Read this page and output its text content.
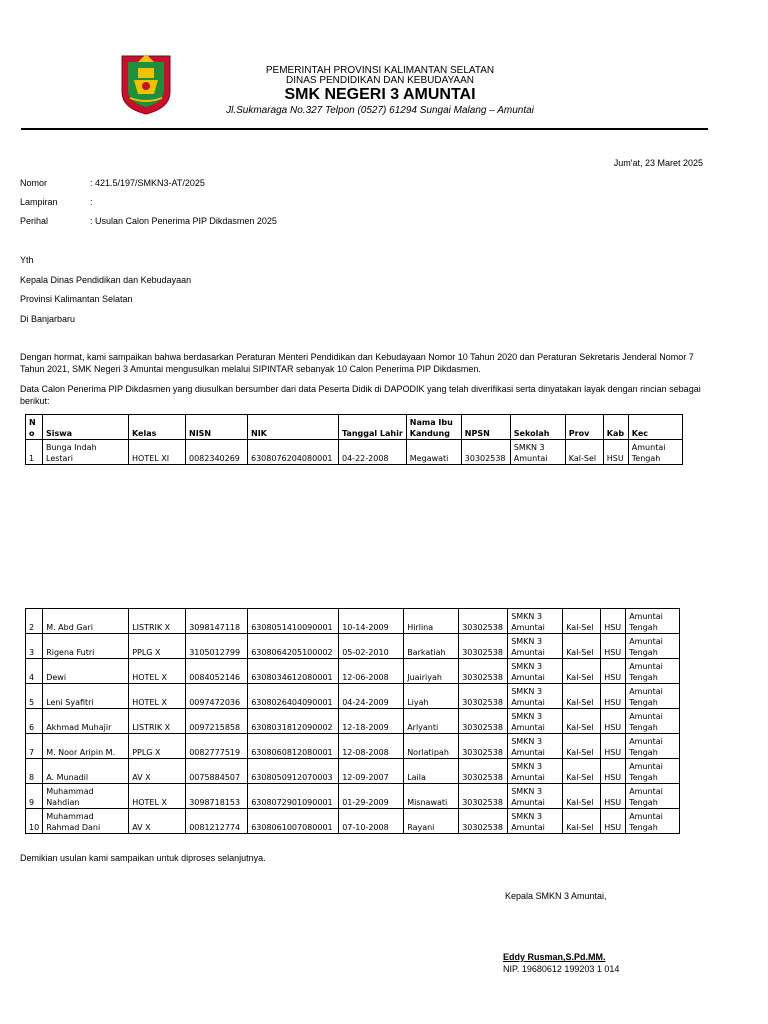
PEMERINTAH PROVINSI KALIMANTAN SELATAN
DINAS PENDIDIKAN DAN KEBUDAYAAN
SMK NEGERI 3 AMUNTAI
Jl.Sukmaraga No.327 Telpon (0527) 61294 Sungai Malang – Amuntai
Jum'at, 23 Maret 2025
Nomor	: 421.5/197/SMKN3-AT/2025
Lampiran	:
Perihal	: Usulan Calon Penerima PIP Dikdasmen 2025
Yth
Kepala Dinas Pendidikan dan Kebudayaan
Provinsi Kalimantan Selatan
Di Banjarbaru
Dengan hormat, kami sampaikan bahwa berdasarkan Peraturan Menteri Pendidikan dan Kebudayaan Nomor 10 Tahun 2020 dan Peraturan Sekretaris Jenderal Nomor 7 Tahun 2021, SMK Negeri 3 Amuntai mengusulkan melalui SIPINTAR sebanyak 10 Calon Penerima PIP Dikdasmen.
Data Calon Penerima PIP Dikdasmen yang diusulkan bersumber dari data Peserta Didik di DAPODIK yang telah diverifikasi serta dinyatakan layak dengan rincian sebagai berikut:
N o	Siswa	Kelas	NISN	NIK	Tanggal Lahir	Nama Ibu Kandung	NPSN	Sekolah	Prov	Kab	Kec
1	Bunga Indah Lestari	HOTEL XI	0082340269	6308076204080001	04-22-2008	Megawati	30302538	SMKN 3 Amuntai	Kal-Sel	HSU	Amuntai Tengah
2	M. Abd Gari	LISTRIK X	3098147118	6308051410090001	10-14-2009	Hirlina	30302538	SMKN 3 Amuntai	Kal-Sel	HSU	Amuntai Tengah
3	Rigena Futri	PPLG X	3105012799	6308064205100002	05-02-2010	Barkatiah	30302538	SMKN 3 Amuntai	Kal-Sel	HSU	Amuntai Tengah
4	Dewi	HOTEL X	0084052146	6308034612080001	12-06-2008	Juairiyah	30302538	SMKN 3 Amuntai	Kal-Sel	HSU	Amuntai Tengah
5	Leni Syafitri	HOTEL X	0097472036	6308026404090001	04-24-2009	Liyah	30302538	SMKN 3 Amuntai	Kal-Sel	HSU	Amuntai Tengah
6	Akhmad Muhajir	LISTRIK X	0097215858	6308031812090002	12-18-2009	Arlyanti	30302538	SMKN 3 Amuntai	Kal-Sel	HSU	Amuntai Tengah
7	M. Noor Aripin M.	PPLG X	0082777519	6308060812080001	12-08-2008	Norlatipah	30302538	SMKN 3 Amuntai	Kal-Sel	HSU	Amuntai Tengah
8	A. Munadil	AV X	0075884507	6308050912070003	12-09-2007	Laila	30302538	SMKN 3 Amuntai	Kal-Sel	HSU	Amuntai Tengah
9	Muhammad Nahdian	HOTEL X	3098718153	6308072901090001	01-29-2009	Misnawati	30302538	SMKN 3 Amuntai	Kal-Sel	HSU	Amuntai Tengah
10	Muhammad Rahmad Dani	AV X	0081212774	6308061007080001	07-10-2008	Rayani	30302538	SMKN 3 Amuntai	Kal-Sel	HSU	Amuntai Tengah
Demikian usulan kami sampaikan untuk diproses selanjutnya.
Kepala SMKN 3 Amuntai,
Eddy Rusman,S.Pd.MM.
NIP. 19680612 199203 1 014
